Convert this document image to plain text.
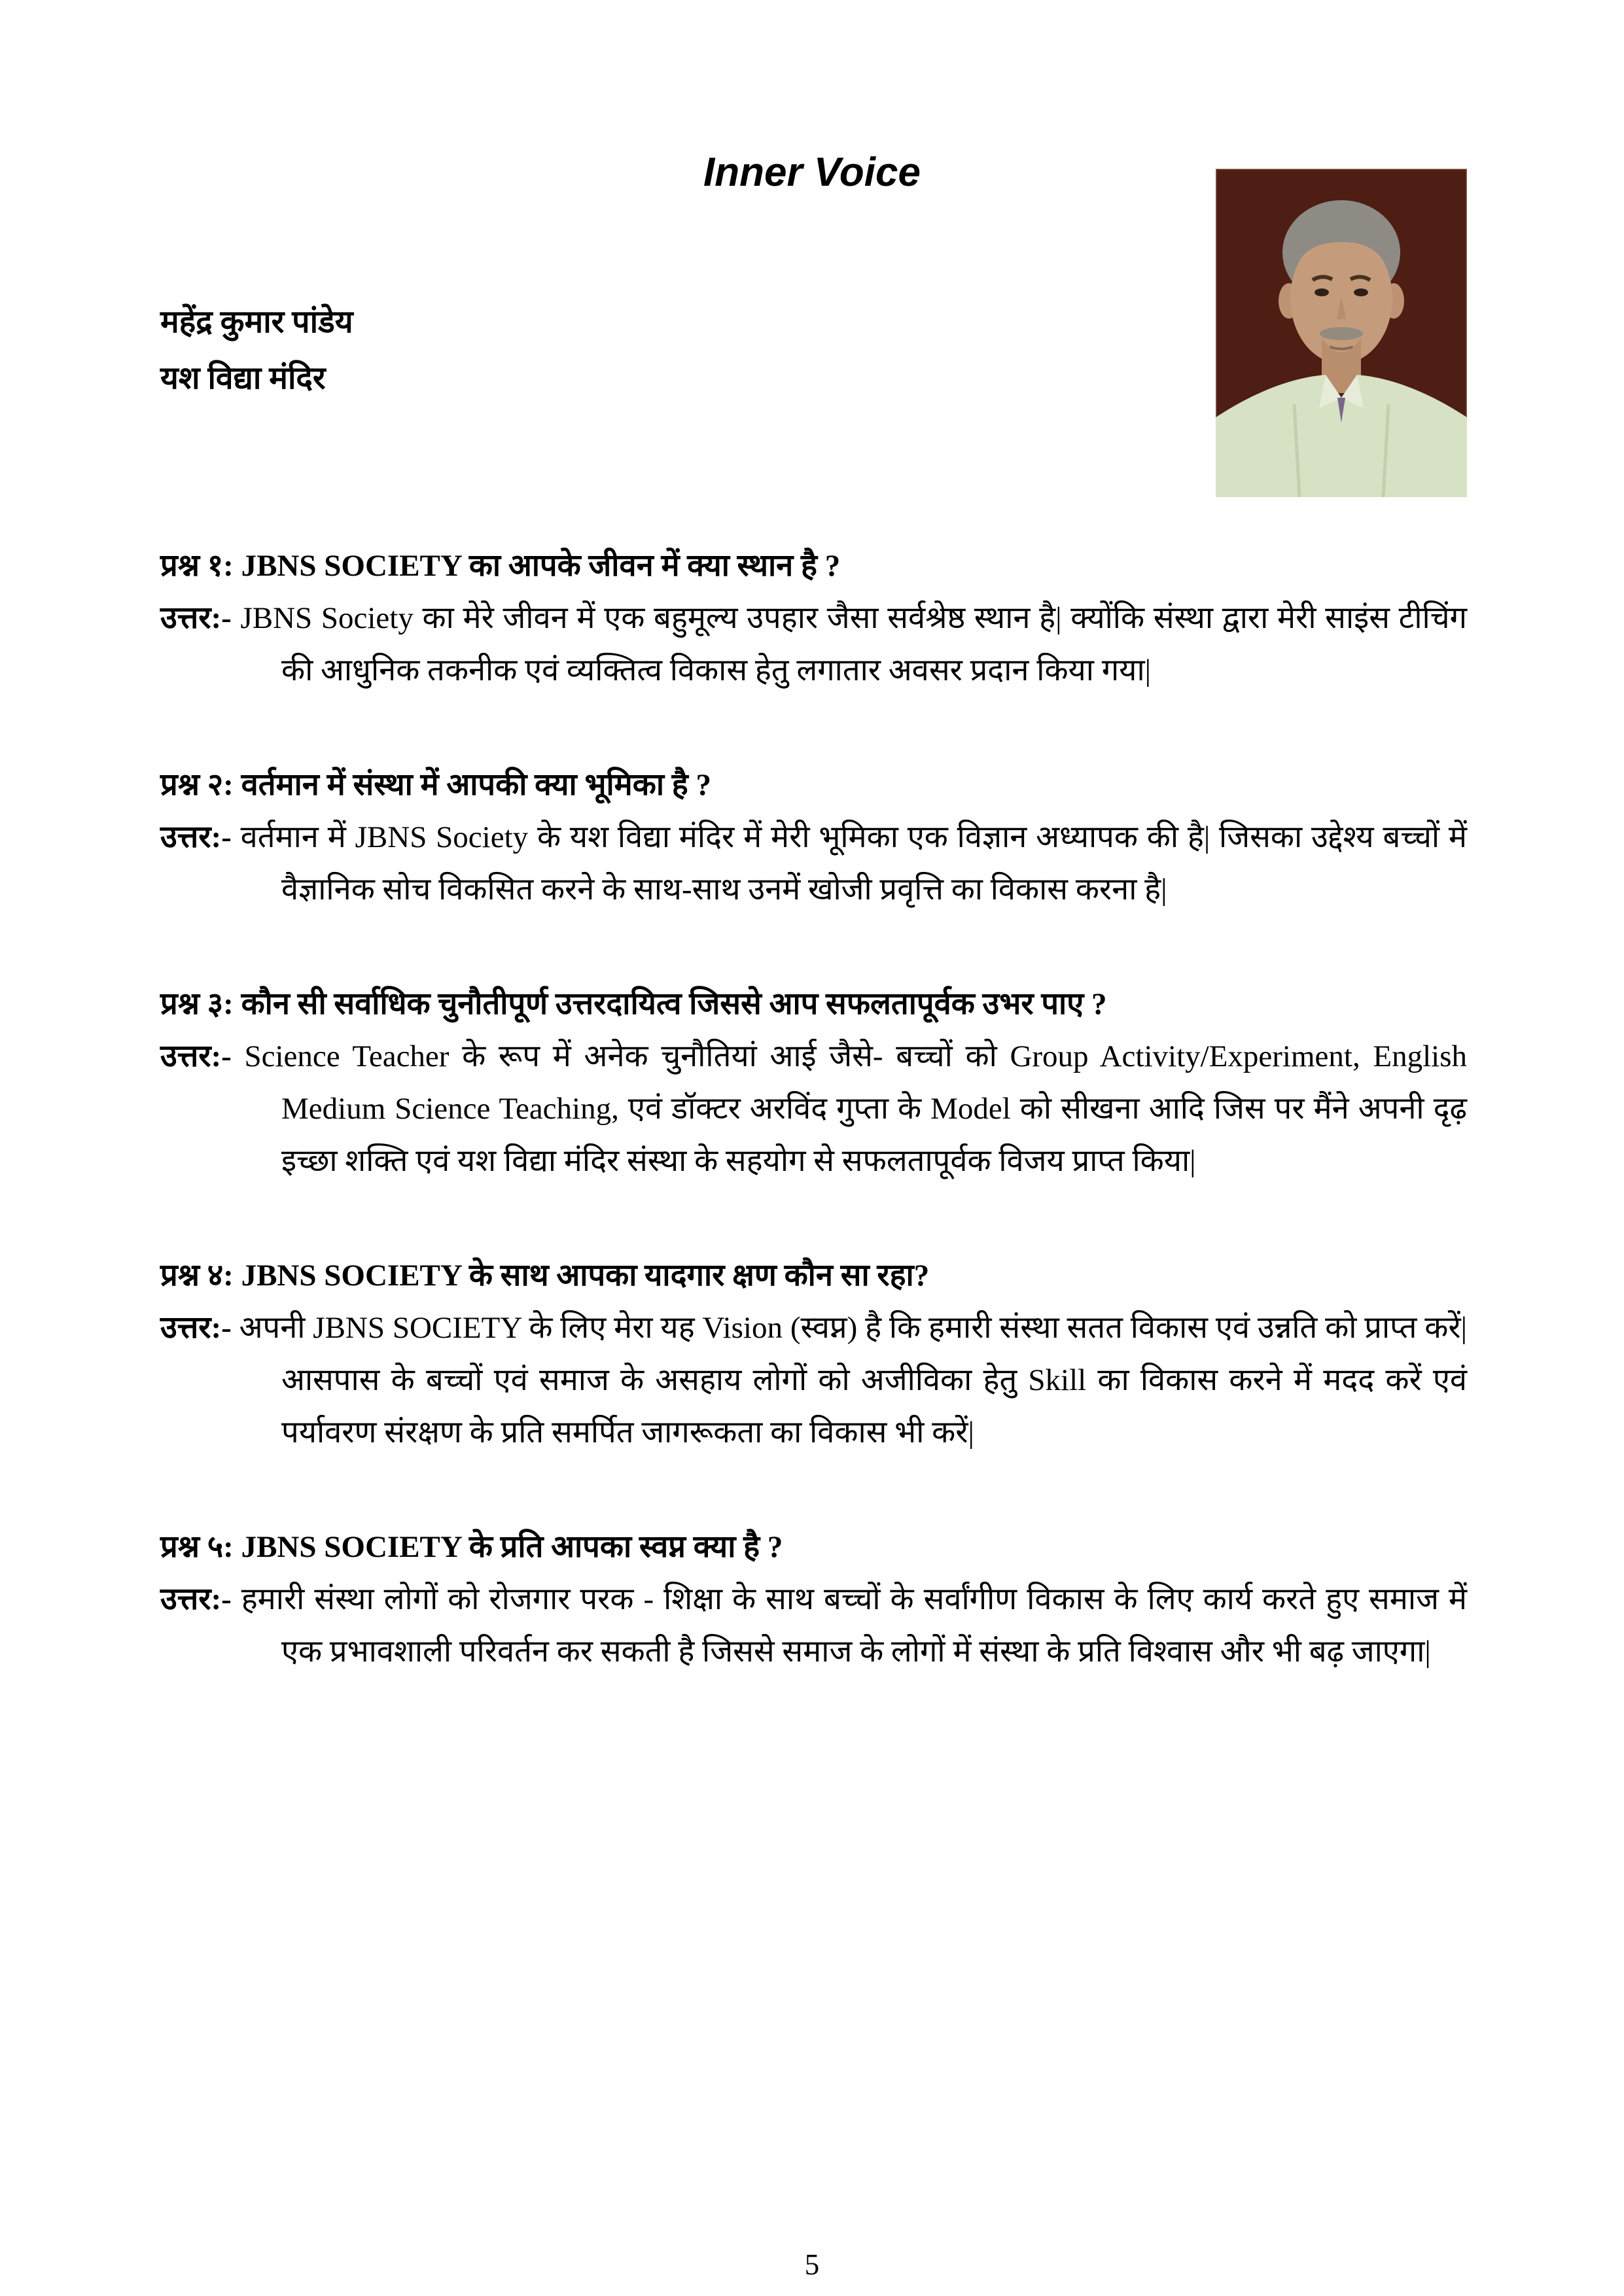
Inner Voice
महेंद्र कुमार पांडेय
यश विद्या मंदिर

प्रश्न १: JBNS SOCIETY का आपके जीवन में क्या स्थान है ?

उत्तर:- JBNS Society का मेरे जीवन में एक बहुमूल्य उपहार जैसा सर्वश्रेष्ठ स्थान है| क्योंकि संस्था द्वारा मेरी साइंस टीचिंग की आधुनिक तकनीक एवं व्यक्तित्व विकास हेतु लगातार अवसर प्रदान किया गया|

प्रश्न २: वर्तमान में संस्था में आपकी क्या भूमिका है ?

उत्तर:- वर्तमान में JBNS Society के यश विद्या मंदिर में मेरी भूमिका एक विज्ञान अध्यापक की है| जिसका उद्देश्य बच्चों में वैज्ञानिक सोच विकसित करने के साथ-साथ उनमें खोजी प्रवृत्ति का विकास करना है|

प्रश्न ३: कौन सी सर्वाधिक चुनौतीपूर्ण उत्तरदायित्व जिससे आप सफलतापूर्वक उभर पाए ?

उत्तर:- Science Teacher के रूप में अनेक चुनौतियां आई जैसे- बच्चों को Group Activity/Experiment, English Medium Science Teaching, एवं डॉक्टर अरविंद गुप्ता के Model को सीखना आदि जिस पर मैंने अपनी दृढ़ इच्छा शक्ति एवं यश विद्या मंदिर संस्था के सहयोग से सफलतापूर्वक विजय प्राप्त किया|

प्रश्न ४: JBNS SOCIETY के साथ आपका यादगार क्षण कौन सा रहा?

उत्तर:- अपनी JBNS SOCIETY के लिए मेरा यह Vision (स्वप्न) है कि हमारी संस्था सतत विकास एवं उन्नति को प्राप्त करें| आसपास के बच्चों एवं समाज के असहाय लोगों को अजीविका हेतु Skill का विकास करने में मदद करें एवं पर्यावरण संरक्षण के प्रति समर्पित जागरूकता का विकास भी करें|

प्रश्न ५: JBNS SOCIETY के प्रति आपका स्वप्न क्या है ?

उत्तर:- हमारी संस्था लोगों को रोजगार परक - शिक्षा के साथ बच्चों के सर्वांगीण विकास के लिए कार्य करते हुए समाज में एक प्रभावशाली परिवर्तन कर सकती है जिससे समाज के लोगों में संस्था के प्रति विश्वास और भी बढ़ जाएगा|

5
